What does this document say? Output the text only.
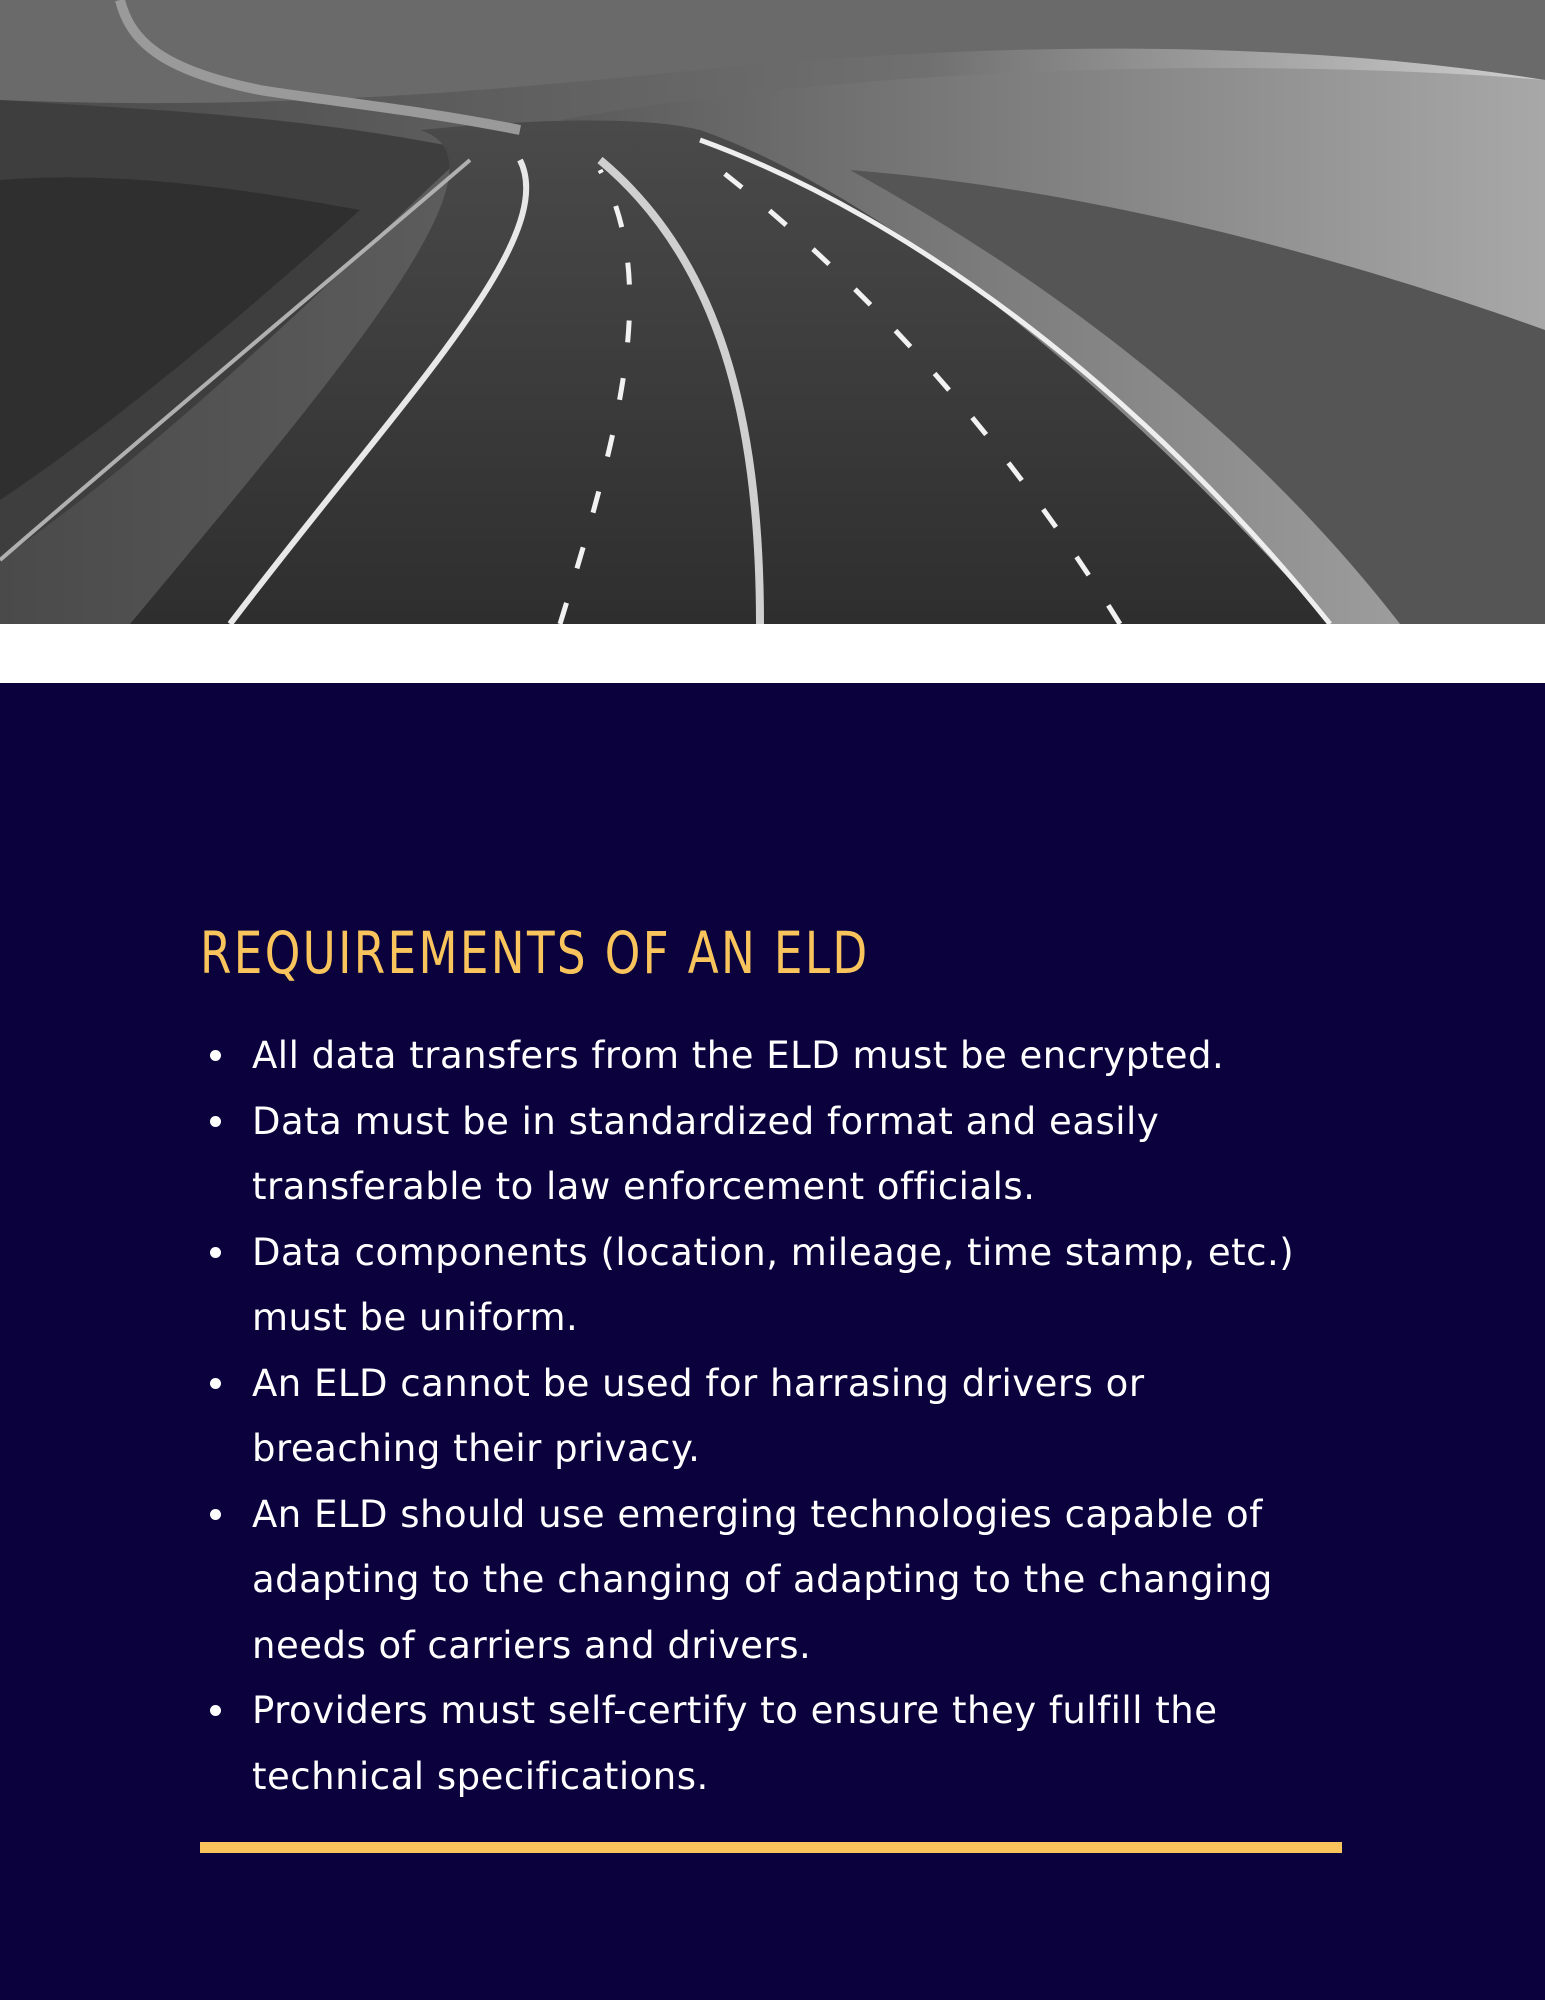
REQUIREMENTS OF AN ELD
All data transfers from the ELD must be encrypted.
Data must be in standardized format and easily
transferable to law enforcement officials.
Data components (location, mileage, time stamp, etc.)
must be uniform.
An ELD cannot be used for harrasing drivers or
breaching their privacy.
An ELD should use emerging technologies capable of
adapting to the changing of adapting to the changing
needs of carriers and drivers.
Providers must self-certify to ensure they fulfill the
technical specifications.
